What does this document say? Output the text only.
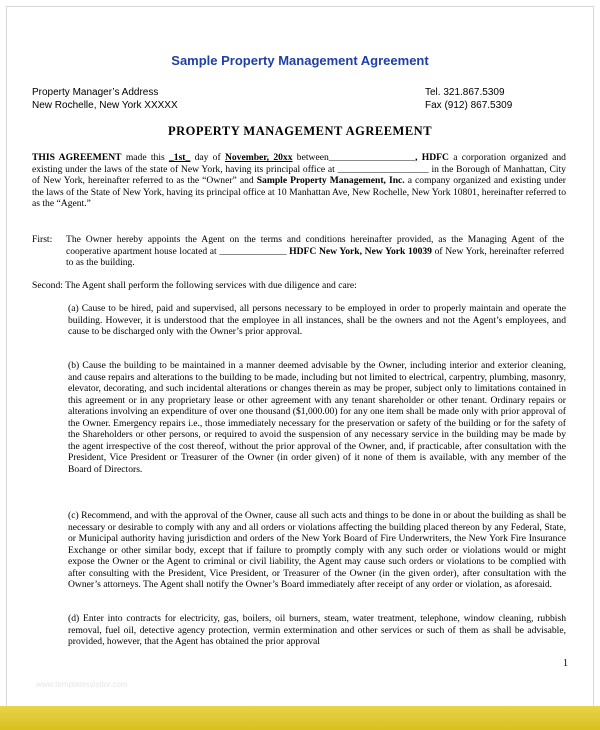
Sample Property Management Agreement
Property Manager’s Address
New Rochelle, New York XXXXX
Tel. 321.867.5309
Fax (912) 867.5309
PROPERTY MANAGEMENT AGREEMENT
THIS AGREEMENT made this _1st_ day of November, 20xx between__________________, HDFC a corporation organized and existing under the laws of the state of New York, having its principal office at ___________________ in the Borough of Manhattan, City of New York, hereinafter referred to as the “Owner” and Sample Property Management, Inc. a company organized and existing under the laws of the State of New York, having its principal office at 10 Manhattan Ave, New Rochelle, New York 10801, hereinafter referred to as the “Agent.”
First: The Owner hereby appoints the Agent on the terms and conditions hereinafter provided, as the Managing Agent of the cooperative apartment house located at ______________ HDFC New York, New York 10039 of New York, hereinafter referred to as the building.
Second: The Agent shall perform the following services with due diligence and care:
(a) Cause to be hired, paid and supervised, all persons necessary to be employed in order to properly maintain and operate the building. However, it is understood that the employee in all instances, shall be the owners and not the Agent’s employees, and cause to be discharged only with the Owner’s prior approval.
(b) Cause the building to be maintained in a manner deemed advisable by the Owner, including interior and exterior cleaning, and cause repairs and alterations to the building to be made, including but not limited to electrical, carpentry, plumbing, masonry, elevator, decorating, and such incidental alterations or changes therein as may be proper, subject only to limitations contained in this agreement or in any proprietary lease or other agreement with any tenant shareholder or other tenant. Ordinary repairs or alterations involving an expenditure of over one thousand ($1,000.00) for any one item shall be made only with prior approval of the Owner. Emergency repairs i.e., those immediately necessary for the preservation or safety of the building or for the safety of the Shareholders or other persons, or required to avoid the suspension of any necessary service in the building may be made by the agent irrespective of the cost thereof, without the prior approval of the Owner, and, if practicable, after consultation with the President, Vice President or Treasurer of the Owner (in order given) of it none of them is available, with any member of the Board of Directors.
(c) Recommend, and with the approval of the Owner, cause all such acts and things to be done in or about the building as shall be necessary or desirable to comply with any and all orders or violations affecting the building placed thereon by any Federal, State, or Municipal authority having jurisdiction and orders of the New York Board of Fire Underwriters, the New York Fire Insurance Exchange or other similar body, except that if failure to promptly comply with any such order or violations would or might expose the Owner or the Agent to criminal or civil liability, the Agent may cause such orders or violations to be complied with after consulting with the President, Vice President, or Treasurer of the Owner (in the given order), after consultation with the Owner’s attorneys. The Agent shall notify the Owner’s Board immediately after receipt of any order or violation, as aforesaid.
(d) Enter into contracts for electricity, gas, boilers, oil burners, steam, water treatment, telephone, window cleaning, rubbish removal, fuel oil, detective agency protection, vermin extermination and other services or such of them as shall be advisable, provided, however, that the Agent has obtained the prior approval
1
www.templatesvisitor.com
